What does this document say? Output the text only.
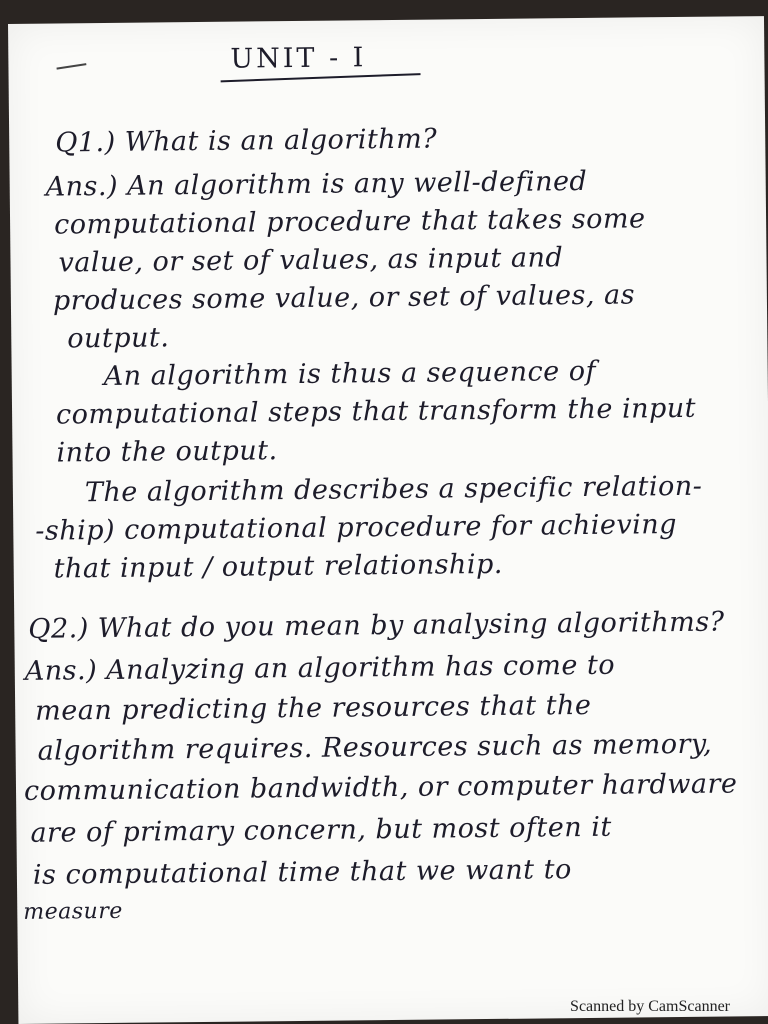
UNIT - I
Q1.) What is an algorithm?
Ans.) An algorithm is any well-defined
computational procedure that takes some
value, or set of values, as input and
produces some value, or set of values, as
output.
An algorithm is thus a sequence of
computational steps that transform the input
into the output.
The algorithm describes a specific relation-
-ship) computational procedure for achieving
that input / output relationship.
Q2.) What do you mean by analysing algorithms?
Ans.) Analyzing an algorithm has come to
mean predicting the resources that the
algorithm requires. Resources such as memory,
communication bandwidth, or computer hardware
are of primary concern, but most often it
is computational time that we want to
measure
Scanned by CamScanner
